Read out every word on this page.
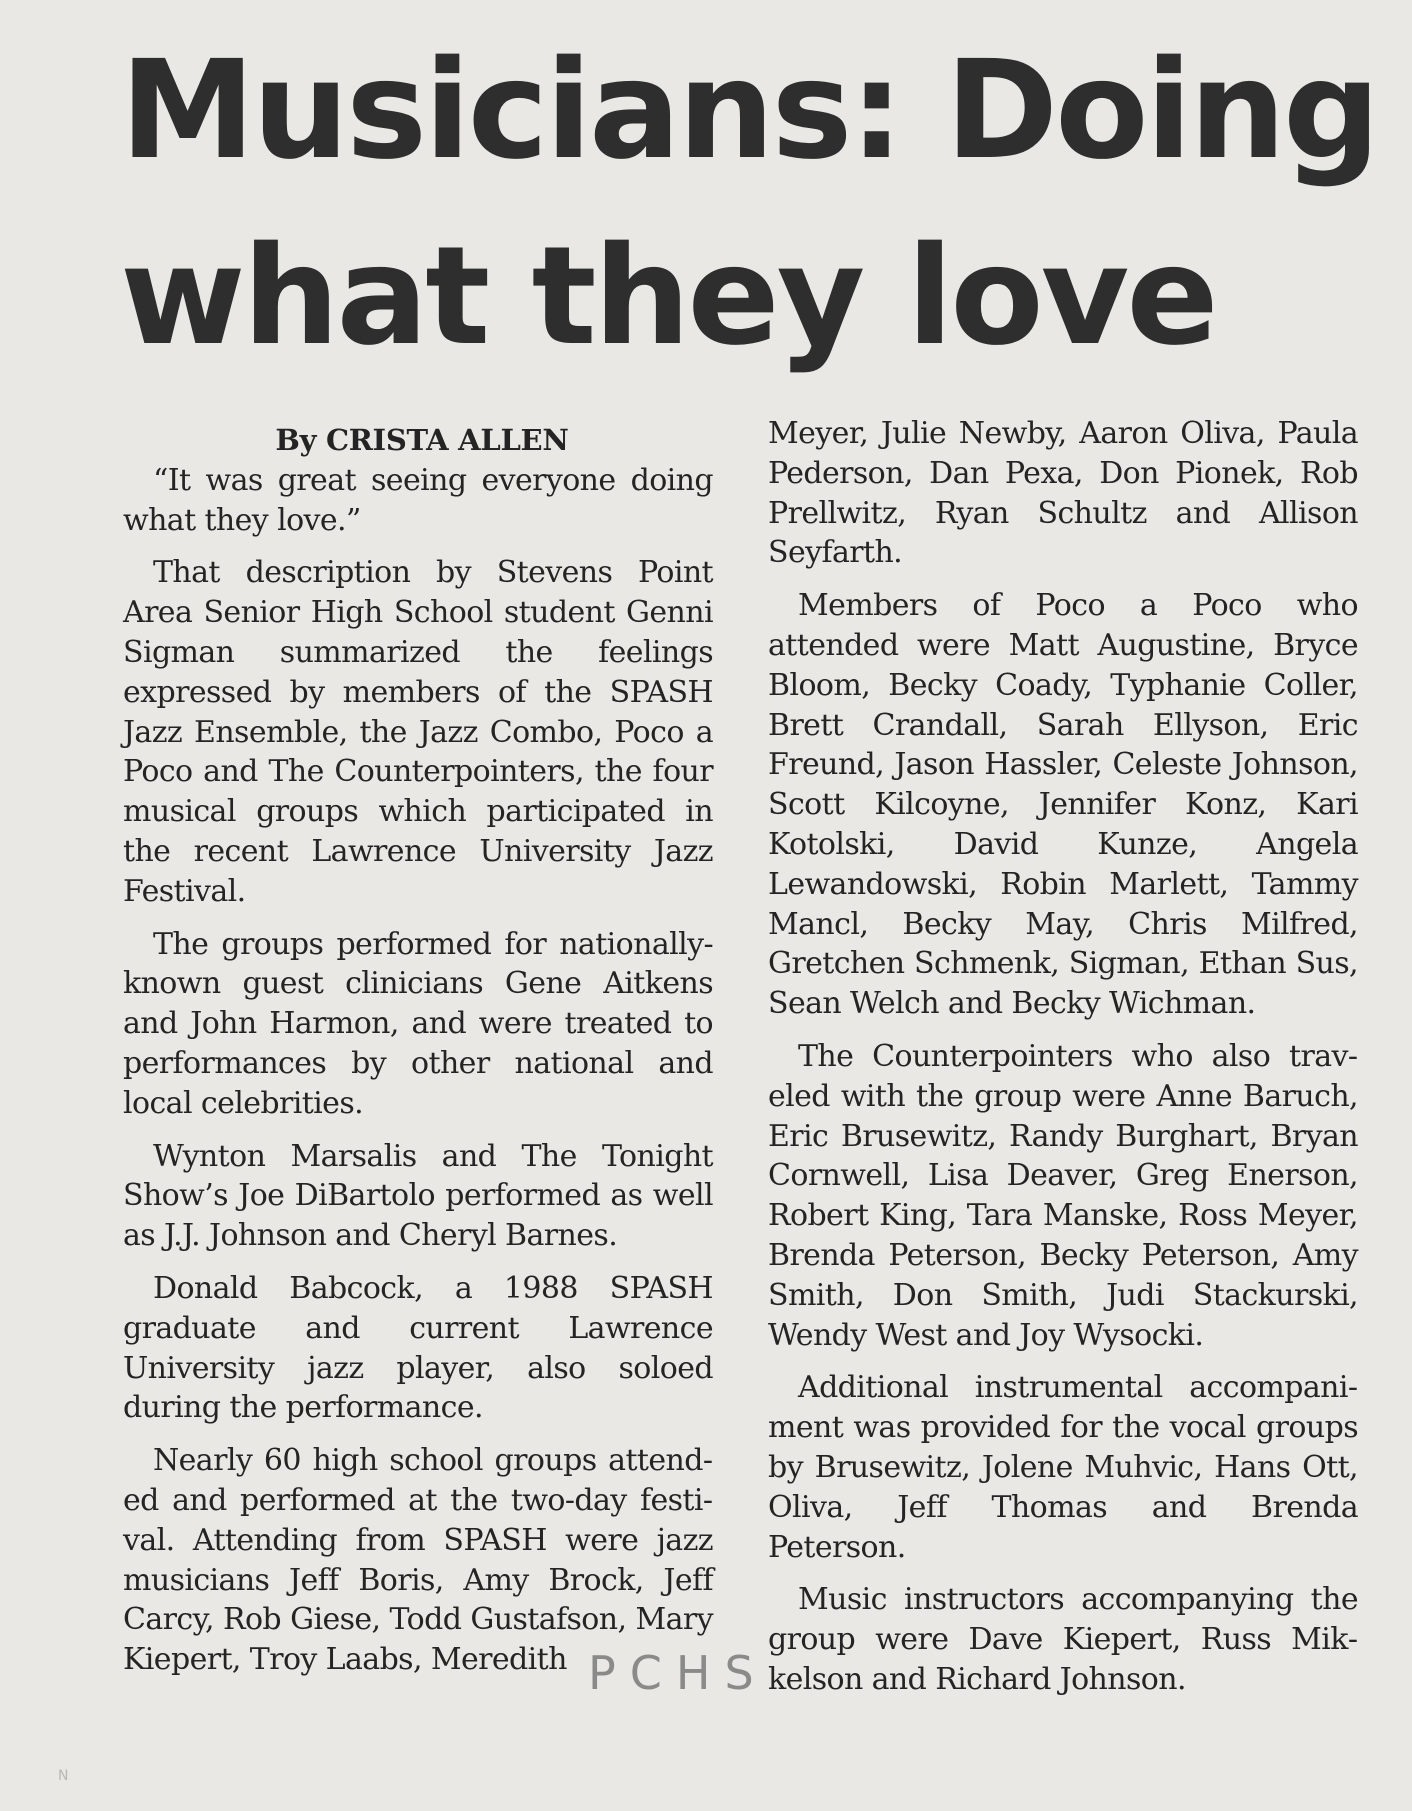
Musicians: Doing
what they love

By CRISTA ALLEN

“It was great seeing everyone doing what they love.”

That description by Stevens Point Area Senior High School student Genni Sigman summarized the feelings expressed by members of the SPASH Jazz Ensemble, the Jazz Combo, Poco a Poco and The Counterpointers, the four musical groups which participated in the recent Lawrence University Jazz Festival.

The groups performed for nationally-known guest clinicians Gene Aitkens and John Harmon, and were treated to performances by other national and local celebrities.

Wynton Marsalis and The Tonight Show’s Joe DiBartolo performed as well as J.J. Johnson and Cheryl Barnes.

Donald Babcock, a 1988 SPASH graduate and current Lawrence University jazz player, also soloed during the performance.

Nearly 60 high school groups attended and performed at the two-day festival. Attending from SPASH were jazz musicians Jeff Boris, Amy Brock, Jeff Carcy, Rob Giese, Todd Gustafson, Mary Kiepert, Troy Laabs, Meredith

Meyer, Julie Newby, Aaron Oliva, Paula Pederson, Dan Pexa, Don Pionek, Rob Prellwitz, Ryan Schultz and Allison Seyfarth.

Members of Poco a Poco who attended were Matt Augustine, Bryce Bloom, Becky Coady, Typhanie Coller, Brett Crandall, Sarah Ellyson, Eric Freund, Jason Hassler, Celeste Johnson, Scott Kilcoyne, Jennifer Konz, Kari Kotolski, David Kunze, Angela Lewandowski, Robin Marlett, Tammy Mancl, Becky May, Chris Milfred, Gretchen Schmenk, Sigman, Ethan Sus, Sean Welch and Becky Wichman.

The Counterpointers who also traveled with the group were Anne Baruch, Eric Brusewitz, Randy Burghart, Bryan Cornwell, Lisa Deaver, Greg Enerson, Robert King, Tara Manske, Ross Meyer, Brenda Peterson, Becky Peterson, Amy Smith, Don Smith, Judi Stackurski, Wendy West and Joy Wysocki.

Additional instrumental accompaniment was provided for the vocal groups by Brusewitz, Jolene Muhvic, Hans Ott, Oliva, Jeff Thomas and Brenda Peterson.

Music instructors accompanying the group were Dave Kiepert, Russ Mikkelson and Richard Johnson.

PCHS
N
